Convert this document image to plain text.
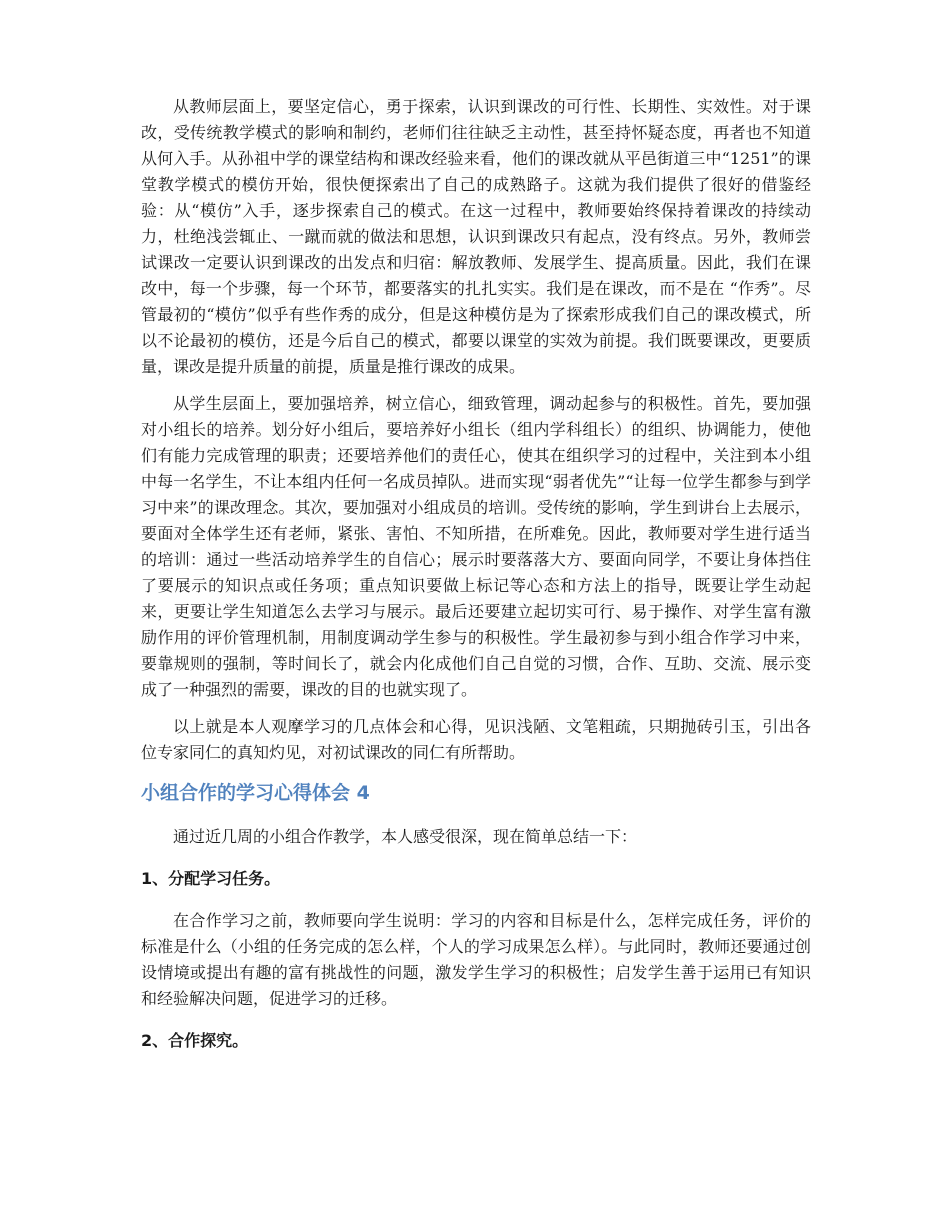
从教师层面上，要坚定信心，勇于探索，认识到课改的可行性、长期性、实效性。对于课改，受传统教学模式的影响和制约，老师们往往缺乏主动性，甚至持怀疑态度，再者也不知道从何入手。从孙祖中学的课堂结构和课改经验来看，他们的课改就从平邑街道三中“1251”的课堂教学模式的模仿开始，很快便探索出了自己的成熟路子。这就为我们提供了很好的借鉴经验：从“模仿”入手，逐步探索自己的模式。在这一过程中，教师要始终保持着课改的持续动力，杜绝浅尝辄止、一蹴而就的做法和思想，认识到课改只有起点，没有终点。另外，教师尝试课改一定要认识到课改的出发点和归宿：解放教师、发展学生、提高质量。因此，我们在课改中，每一个步骤，每一个环节，都要落实的扎扎实实。我们是在课改，而不是在 “作秀”。尽管最初的“模仿”似乎有些作秀的成分，但是这种模仿是为了探索形成我们自己的课改模式，所以不论最初的模仿，还是今后自己的模式，都要以课堂的实效为前提。我们既要课改，更要质量，课改是提升质量的前提，质量是推行课改的成果。

从学生层面上，要加强培养，树立信心，细致管理，调动起参与的积极性。首先，要加强对小组长的培养。划分好小组后，要培养好小组长（组内学科组长）的组织、协调能力，使他们有能力完成管理的职责；还要培养他们的责任心，使其在组织学习的过程中，关注到本小组中每一名学生，不让本组内任何一名成员掉队。进而实现“弱者优先”“让每一位学生都参与到学习中来”的课改理念。其次，要加强对小组成员的培训。受传统的影响，学生到讲台上去展示，要面对全体学生还有老师，紧张、害怕、不知所措，在所难免。因此，教师要对学生进行适当的培训：通过一些活动培养学生的自信心；展示时要落落大方、要面向同学，不要让身体挡住了要展示的知识点或任务项；重点知识要做上标记等心态和方法上的指导，既要让学生动起来，更要让学生知道怎么去学习与展示。最后还要建立起切实可行、易于操作、对学生富有激励作用的评价管理机制，用制度调动学生参与的积极性。学生最初参与到小组合作学习中来，要靠规则的强制，等时间长了，就会内化成他们自己自觉的习惯，合作、互助、交流、展示变成了一种强烈的需要，课改的目的也就实现了。

以上就是本人观摩学习的几点体会和心得，见识浅陋、文笔粗疏，只期抛砖引玉，引出各位专家同仁的真知灼见，对初试课改的同仁有所帮助。

小组合作的学习心得体会 4

通过近几周的小组合作教学，本人感受很深，现在简单总结一下：

1、分配学习任务。

在合作学习之前，教师要向学生说明：学习的内容和目标是什么，怎样完成任务，评价的标准是什么（小组的任务完成的怎么样，个人的学习成果怎么样）。与此同时，教师还要通过创设情境或提出有趣的富有挑战性的问题，激发学生学习的积极性；启发学生善于运用已有知识和经验解决问题，促进学习的迁移。

2、合作探究。
